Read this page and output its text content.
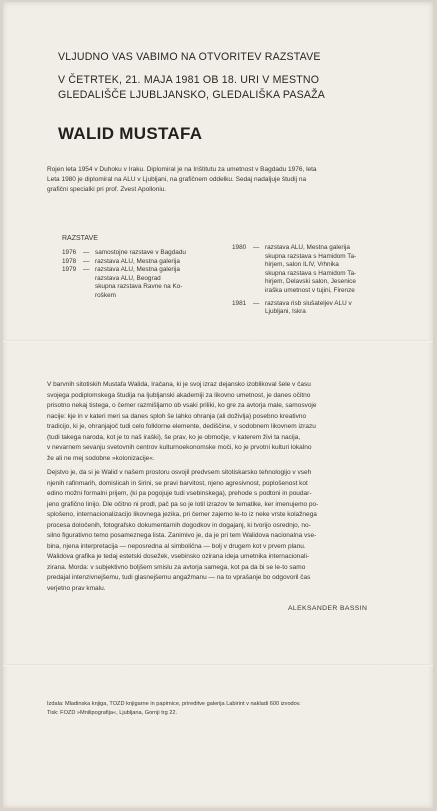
VLJUDNO VAS VABIMO NA OTVORITEV RAZSTAVE
V ČETRTEK, 21. MAJA 1981 OB 18. URI V MESTNO
GLEDALIŠČE LJUBLJANSKO, GLEDALIŠKA PASAŽA
WALID MUSTAFA
Rojen leta 1954 v Duhoku v Iraku. Diplomiral je na Inštitutu za umetnost v Bagdadu 1976, leta
Leta 1980 je diplomiral na ALU v Ljubljani, na grafičnem oddelku. Sedaj nadaljuje študij na
grafični specialki pri prof. Zvest Apolloniu.
RAZSTAVE
1976	— samostojne razstave v Bagdadu
1978	— razstava ALU, Mestna galerija
1979	— razstava ALU, Mestna galerija
razstava ALU, Beograd
skupna razstava Ravne na Ko-
roškem
1980	— razstava ALU, Mestna galerija
skupna razstava s Hamidom Ta-
hirjem, salon ILIV, Vrhnika
skupna razstava s Hamidom Ta-
hirjem, Delavski salon, Jesenice
iraška umetnost v tujini, Firenze
1981	— razstava risb slušateljev ALU v
Ljubljani, Iskra
V barvnih sitotiskih Mustafa Walida, Iračana, ki je svoj izraz dejansko izoblikoval šele v času
svojega podiplomskega študija na ljubljanski akademiji za likovno umetnost, je danes očitno
prisotno nekaj tistega, o čemer razmišljamo ob vsaki priliki, ko gre za avtorja male, samosvoje
nacije: kje in v kateri meri sa danes sploh še lahko ohranja (ali doživlja) posebno kreativno
tradicijo, ki je, ohranjajoč tudi celo folklorne elemente, dediščine, v sodobnem likovnem izrazu
(tudi takega naroda, kot je to naš iraški), še prav, ko je območje, v katerem živi ta nacija,
v nevarnem sevanju svetovnih centrov kulturnoekonomske moči, ko je prvotni kulturi lokalno
že ali ne mej sodobne »kolonizacije«.
Dejstvo je, da si je Walid v našem prostoru osvojil predvsem sitotiskarsko tehnologijo v vseh
njenih rafinmarih, domislicah in širini, se pravi barvitost, njeno agresivnost, poplošenost kot
edino možni formalni prijem, (ki pa pogojuje tudi vsebinskega), prehode s podtoni in poudar-
jeno grafično linijo. Dle očitno ni prodl, pač pa so je lotil izrazov te tematike, ker imenujemo po-
splošeno, internacionalizacijo likovnega jezika, pri čemer zajemo le-to iz neke vrste kolažnega
procesa določenih, fotografsko dokumentarnih dogodkov in dogajanj, ki tvorijo osrednjo, no-
silno figurativno temo posameznega lista. Zanimivo je, da je pri tem Walidova nacionalna vse-
bina, njena interpretacija — neposredna al simbolična — bolj v drugem kot v prvem planu.
Walidova grafika je tedaj estetski dosežek, vsebinsko ozirana ideja umetnika internacionali-
zirana. Morda: v subjektivno boljšem smislu za avtorja samega, kot pa da bi se le-to samo
predajal intenzivnejšemu, tudi glasnejšemu angažmanu — na to vprašanje bo odgovoril čas
verjetno prav kmalu.
ALEKSANDER BASSIN
Izdala: Mladinska knjiga, TOZD knjigarne in papirnice, prireditve galerija Labirint v nakladi 600 izvodov.
Tisk: FOZD »Mnilipografija«, Ljubljana, Gornji trg 22.
